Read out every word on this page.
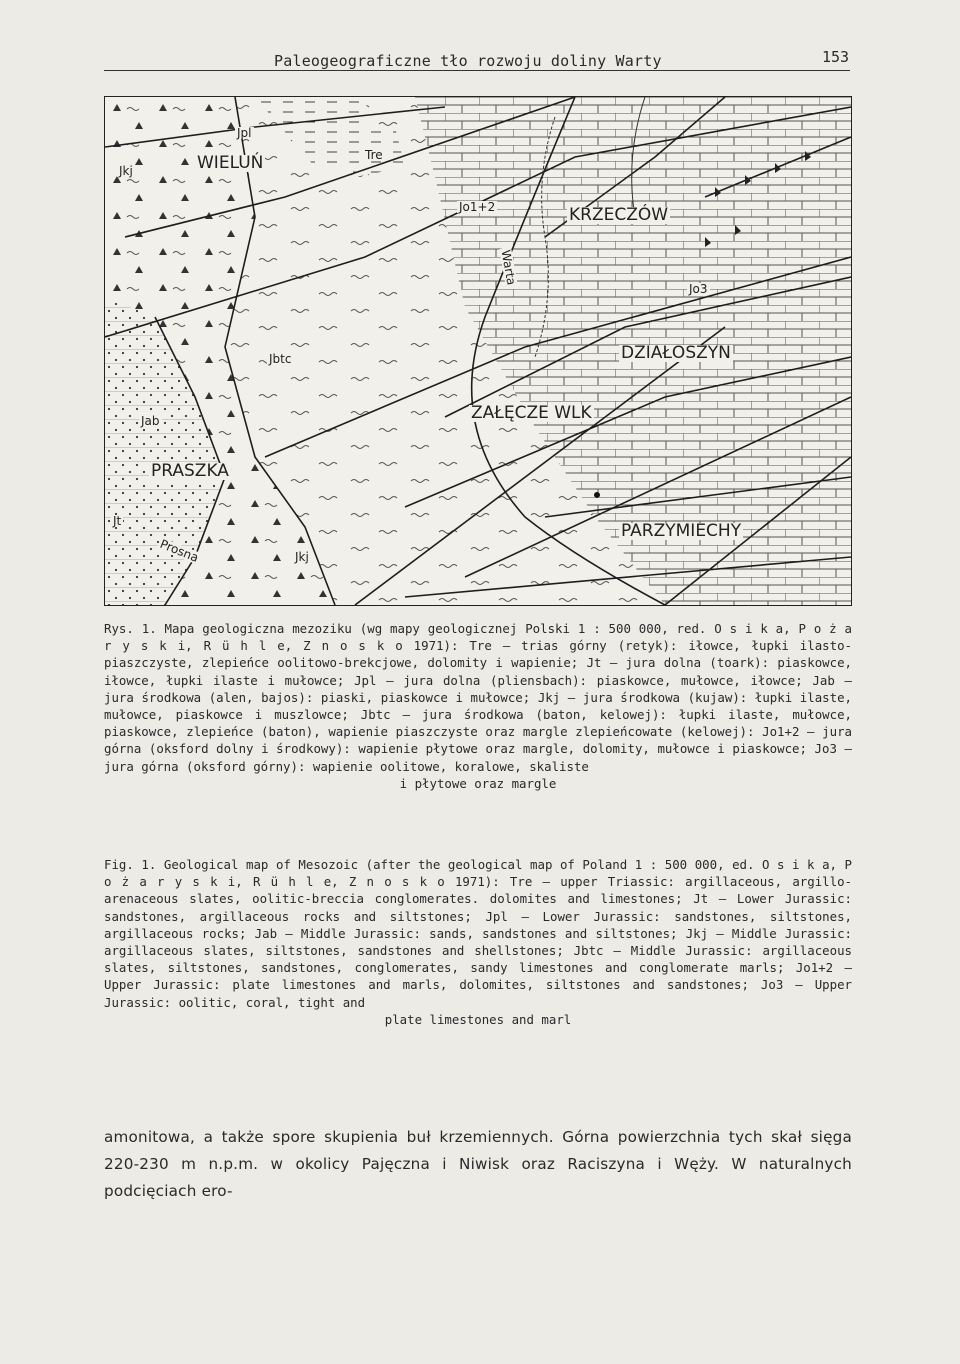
Paleogeograficzne tło rozwoju doliny Warty	153
WIELUŃ
Jkj
Jpl
Tre
Jo1+2	KRZECZÓW
Warta
Jo3
Jbtc	DZIAŁOSZYN
Jab	ZAŁĘCZE WLK
PRASZKA
Jt
Prosna	Jkj
PARZYMIECHY

Rys. 1. Mapa geologiczna mezoziku (wg mapy geologicznej Polski 1 : 500 000, red. O s i k a, P o ż a r y s k i, R ü h l e, Z n o s k o 1971): Tre – trias górny (retyk): iłowce, łupki ilasto-piaszczyste, zlepieńce oolitowo-brekcjowe, dolomity i wapienie; Jt – jura dolna (toark): piaskowce, iłowce, łupki ilaste i mułowce; Jpl – jura dolna (pliensbach): piaskowce, mułowce, iłowce; Jab – jura środkowa (alen, bajos): piaski, piaskowce i mułowce; Jkj – jura środkowa (kujaw): łupki ilaste, mułowce, piaskowce i muszlowce; Jbtc – jura środkowa (baton, kelowej): łupki ilaste, mułowce, piaskowce, zlepieńce (baton), wapienie piaszczyste oraz margle zlepieńcowate (kelowej): Jo1+2 – jura górna (oksford dolny i środkowy): wapienie płytowe oraz margle, dolomity, mułowce i piaskowce; Jo3 – jura górna (oksford górny): wapienie oolitowe, koralowe, skaliste

i płytowe oraz margle

Fig. 1. Geological map of Mesozoic (after the geological map of Poland 1 : 500 000, ed. O s i k a, P o ż a r y s k i, R ü h l e, Z n o s k o 1971): Tre – upper Triassic: argillaceous, argillo-arenaceous slates, oolitic-breccia conglomerates. dolomites and limestones; Jt – Lower Jurassic: sandstones, argillaceous rocks and siltstones; Jpl – Lower Jurassic: sandstones, siltstones, argillaceous rocks; Jab – Middle Jurassic: sands, sandstones and siltstones; Jkj – Middle Jurassic: argillaceous slates, siltstones, sandstones and shellstones; Jbtc – Middle Jurassic: argillaceous slates, siltstones, sandstones, conglomerates, sandy limestones and conglomerate marls; Jo1+2 – Upper Jurassic: plate limestones and marls, dolomites, siltstones and sandstones; Jo3 – Upper Jurassic: oolitic, coral, tight and

plate limestones and marl

amonitowa, a także spore skupienia buł krzemiennych. Górna powierzchnia tych skał sięga 220-230 m n.p.m. w okolicy Pajęczna i Niwisk oraz Raciszyna i Węży. W naturalnych podcięciach ero-
